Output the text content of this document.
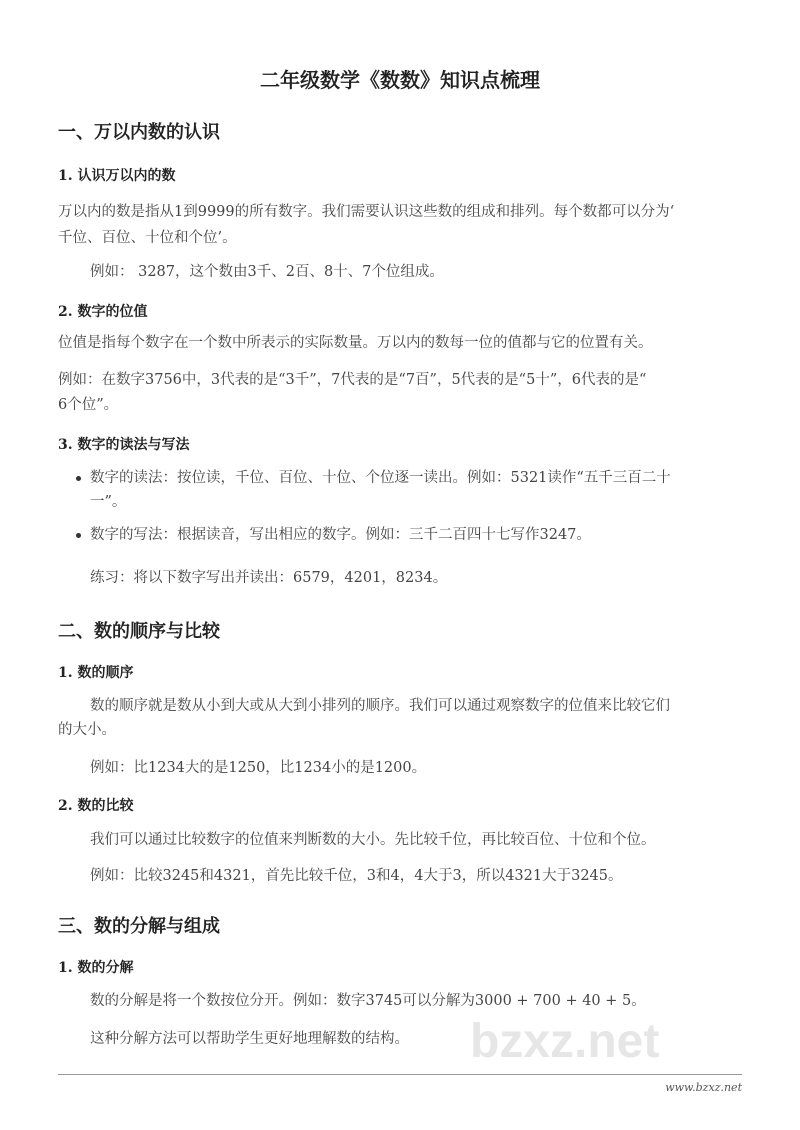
二年级数学《数数》知识点梳理
一、万以内数的认识
1. 认识万以内的数
万以内的数是指从1到9999的所有数字。我们需要认识这些数的组成和排列。每个数都可以分为‘
千位、百位、十位和个位’。
例如： 3287，这个数由3千、2百、8十、7个位组成。
2. 数字的位值
位值是指每个数字在一个数中所表示的实际数量。万以内的数每一位的值都与它的位置有关。
例如：在数字3756中，3代表的是“3千”，7代表的是“7百”，5代表的是“5十”，6代表的是“
6个位”。
3. 数字的读法与写法
数字的读法：按位读，千位、百位、十位、个位逐一读出。例如：5321读作“五千三百二十
一”。
数字的写法：根据读音，写出相应的数字。例如：三千二百四十七写作3247。
练习：将以下数字写出并读出：6579，4201，8234。
二、数的顺序与比较
1. 数的顺序
数的顺序就是数从小到大或从大到小排列的顺序。我们可以通过观察数字的位值来比较它们
的大小。
例如：比1234大的是1250，比1234小的是1200。
2. 数的比较
我们可以通过比较数字的位值来判断数的大小。先比较千位，再比较百位、十位和个位。
例如：比较3245和4321，首先比较千位，3和4，4大于3，所以4321大于3245。
三、数的分解与组成
1. 数的分解
数的分解是将一个数按位分开。例如：数字3745可以分解为3000 + 700 + 40 + 5。
这种分解方法可以帮助学生更好地理解数的结构。 bzxz.net
www.bzxz.net
